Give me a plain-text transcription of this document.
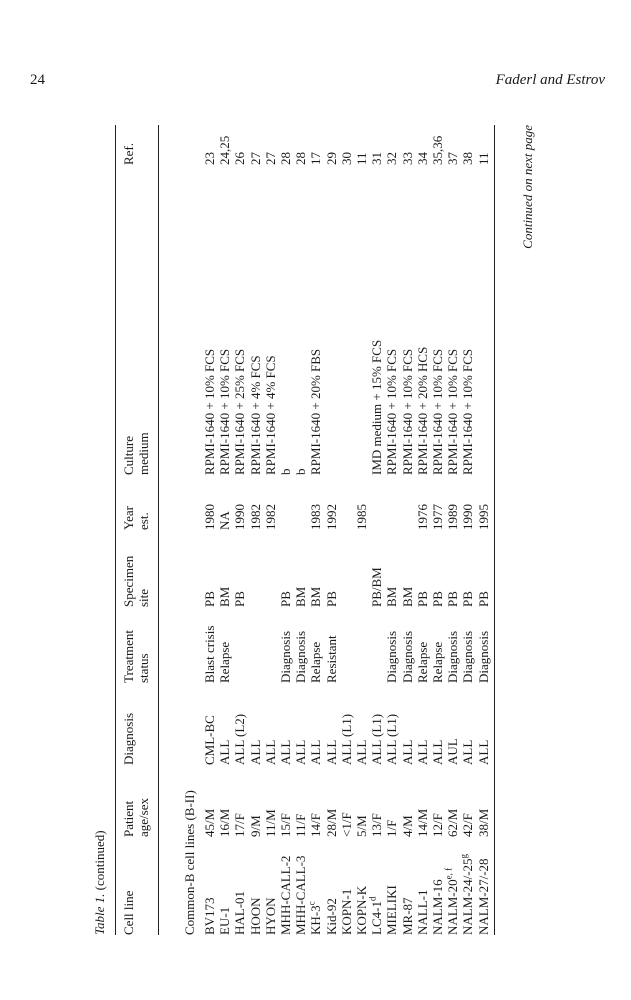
24	Faderl and Estrov
Table 1. (continued)
Cell line
Patient age/sex
Diagnosis
Treatment status
Specimen site
Year est.
Culture medium
Ref.
Common-B cell lines (B-II) BV173
45/M
CML-BC
Blast crisis
PB
1980
RPMI-1640 + 10% FCS
23
EU-1
16/M
ALL
Relapse
BM
NA
RPMI-1640 + 10% FCS
24,25
HAL-01
17/F
ALL (L2)
PB
1990
RPMI-1640 + 25% FCS
26
HOON
9/M
ALL
1982
RPMI-1640 + 4% FCS
27
HYON
11/M
ALL
1982
RPMI-1640 + 4% FCS
27
MHH-CALL-2
15/F
ALL
Diagnosis
PB
b
28
MHH-CALL-3
11/F
ALL
Diagnosis
BM
b
28
KH-3$^c$
14/F
ALL
Relapse
BM
1983
RPMI-1640 + 20% FBS
17
Kid-92
28/M
ALL
Resistant
PB
1992
29
KOPN-1
<1/F
ALL (L1)
30
KOPN-K
5/M
ALL
1985
11
LC4-1$^d$
13/F
ALL (L1)
PB/BM
IMD medium + 15% FCS
31
MIELIKI
1/F
ALL (L1)
Diagnosis
BM
RPMI-1640 + 10% FCS
32
MR-87
4/M
ALL
Diagnosis
BM
RPMI-1640 + 10% FCS
33
NALL-1
14/M
ALL
Relapse
PB
1976
RPMI-1640 + 20% HCS
34
NALM-16
12/F
ALL
Relapse
PB
1977
RPMI-1640 + 10% FCS
35,36
NALM-20$^{e, f}$
62/M
AUL
Diagnosis
PB
1989
RPMI-1640 + 10% FCS
37
NALM-24/-25$^g$
42/F
ALL
Diagnosis
PB
1990
RPMI-1640 + 10% FCS
38
NALM-27/-28
38/M
ALL
Diagnosis
PB
1995
11 Continued on next page
